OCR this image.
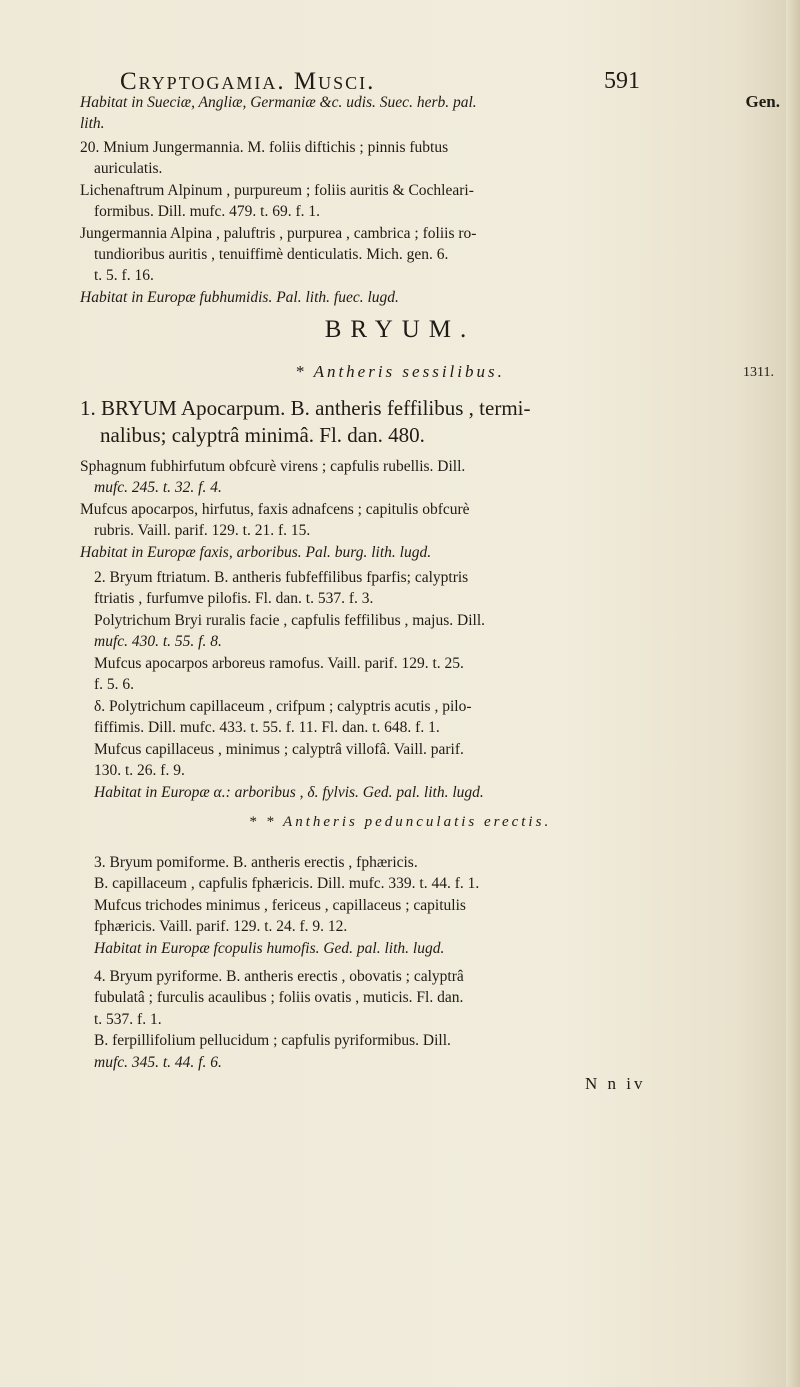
Cryptogamia. Musci.	591
Gen.
1311.
Habitat in Sueciæ, Angliæ, Germaniæ &c. udis. Suec. herb. pal.
lith.
20. Mnium Jungermannia. M. foliis diftichis ; pinnis fubtus
auriculatis.
Lichenaftrum Alpinum , purpureum ; foliis auritis & Cochleari-
formibus. Dill. mufc. 479. t. 69. f. 1.
Jungermannia Alpina , paluftris , purpurea , cambrica ; foliis ro-
tundioribus auritis , tenuiffimè denticulatis. Mich. gen. 6.
t. 5. f. 16.
Habitat in Europæ fubhumidis. Pal. lith. fuec. lugd.
BRYUM.
* Antheris sessilibus.
1. BRYUM Apocarpum. B. antheris feffilibus , termi-
nalibus; calyptrâ minimâ. Fl. dan. 480.
Sphagnum fubhirfutum obfcurè virens ; capfulis rubellis. Dill.
mufc. 245. t. 32. f. 4.
Mufcus apocarpos, hirfutus, faxis adnafcens ; capitulis obfcurè
rubris. Vaill. parif. 129. t. 21. f. 15.
Habitat in Europæ faxis, arboribus. Pal. burg. lith. lugd.
2. Bryum ftriatum. B. antheris fubfeffilibus fparfis; calyptris
ftriatis , furfumve pilofis. Fl. dan. t. 537. f. 3.
Polytrichum Bryi ruralis facie , capfulis feffilibus , majus. Dill.
mufc. 430. t. 55. f. 8.
Mufcus apocarpos arboreus ramofus. Vaill. parif. 129. t. 25.
f. 5. 6.
δ. Polytrichum capillaceum , crifpum ; calyptris acutis , pilo-
fiffimis. Dill. mufc. 433. t. 55. f. 11. Fl. dan. t. 648. f. 1.
Mufcus capillaceus , minimus ; calyptrâ villofâ. Vaill. parif.
130. t. 26. f. 9.
Habitat in Europæ α.: arboribus , δ. fylvis. Ged. pal. lith. lugd.
* * Antheris pedunculatis erectis.
3. Bryum pomiforme. B. antheris erectis , fphæricis.
B. capillaceum , capfulis fphæricis. Dill. mufc. 339. t. 44. f. 1.
Mufcus trichodes minimus , fericeus , capillaceus ; capitulis
fphæricis. Vaill. parif. 129. t. 24. f. 9. 12.
Habitat in Europæ fcopulis humofis. Ged. pal. lith. lugd.
4. Bryum pyriforme. B. antheris erectis , obovatis ; calyptrâ
fubulatâ ; furculis acaulibus ; foliis ovatis , muticis. Fl. dan.
t. 537. f. 1.
B. ferpillifolium pellucidum ; capfulis pyriformibus. Dill.
mufc. 345. t. 44. f. 6.
N n iv
